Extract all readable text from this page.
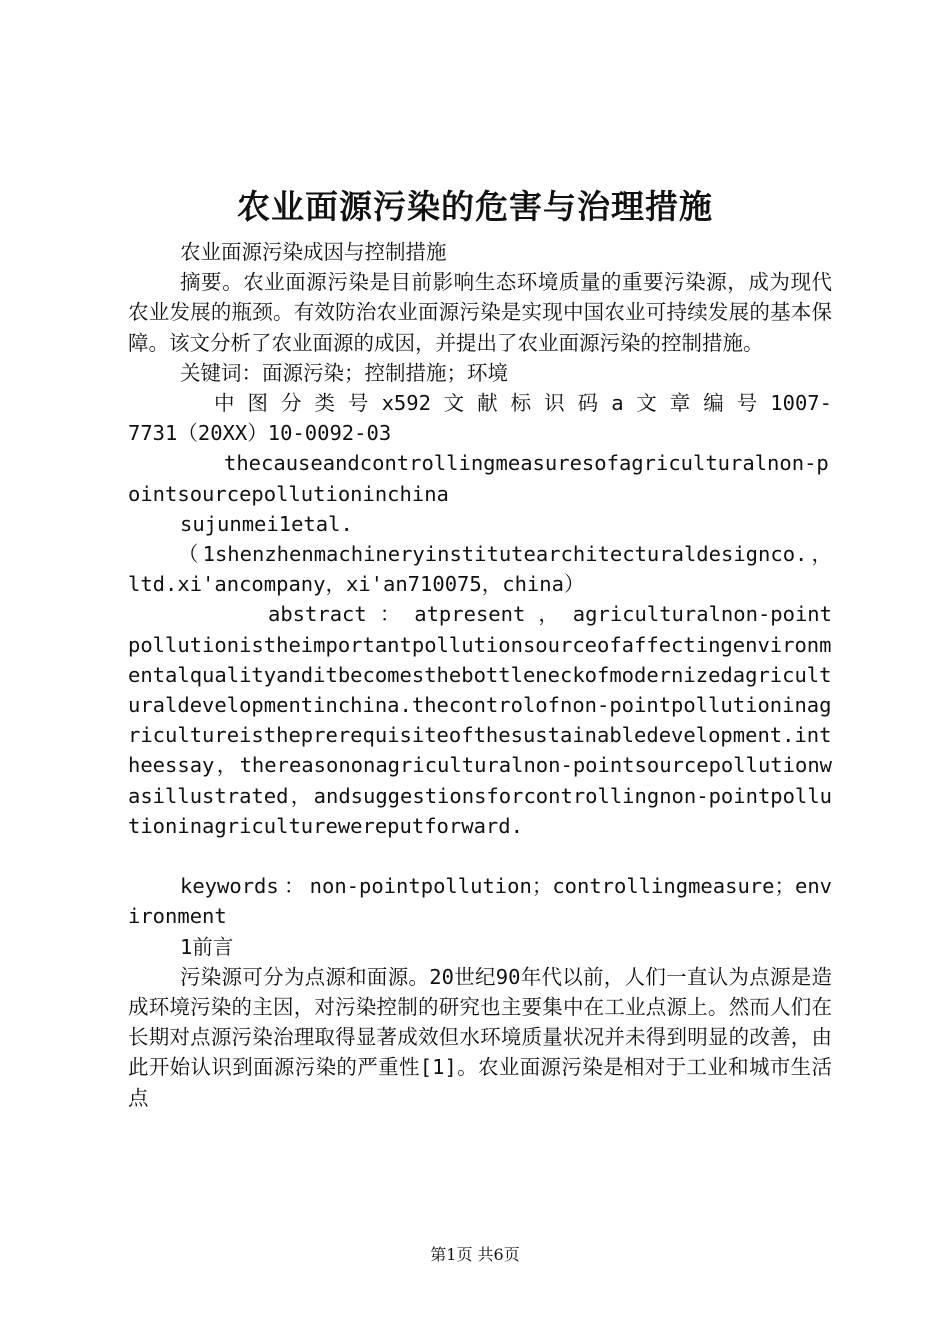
农业面源污染的危害与治理措施

农业面源污染成因与控制措施

摘要。农业面源污染是目前影响生态环境质量的重要污染源，成为现代农业发展的瓶颈。有效防治农业面源污染是实现中国农业可持续发展的基本保障。该文分析了农业面源的成因，并提出了农业面源污染的控制措施。

关键词：面源污染；控制措施；环境

中 图 分 类 号 x592 文 献 标 识 码 a 文 章 编 号 1007-7731（20XX）10-0092-03

thecauseandcontrollingmeasuresofagriculturalnon-pointsourcepollutioninchina

sujunmei1etal.

（1shenzhenmachineryinstitutearchitecturaldesignco.，ltd.xi'ancompany，xi'an710075，china）

abstract ： atpresent ， agriculturalnon-pointpollutionistheimportantpollutionsourceofaffectingenvironmentalqualityanditbecomesthebottleneckofmodernizedagriculturaldevelopmentinchina.thecontrolofnon-pointpollutioninagricultureistheprerequisiteofthesustainabledevelopment.intheessay，thereasononagriculturalnon-pointsourcepollutionwasillustrated，andsuggestionsforcontrollingnon-pointpollutioninagriculturewereputforward.

keywords：non-pointpollution；controllingmeasure；environment

1前言

污染源可分为点源和面源。20世纪90年代以前，人们一直认为点源是造成环境污染的主因，对污染控制的研究也主要集中在工业点源上。然而人们在长期对点源污染治理取得显著成效但水环境质量状况并未得到明显的改善，由此开始认识到面源污染的严重性[1]。农业面源污染是相对于工业和城市生活点

第1页 共6页
